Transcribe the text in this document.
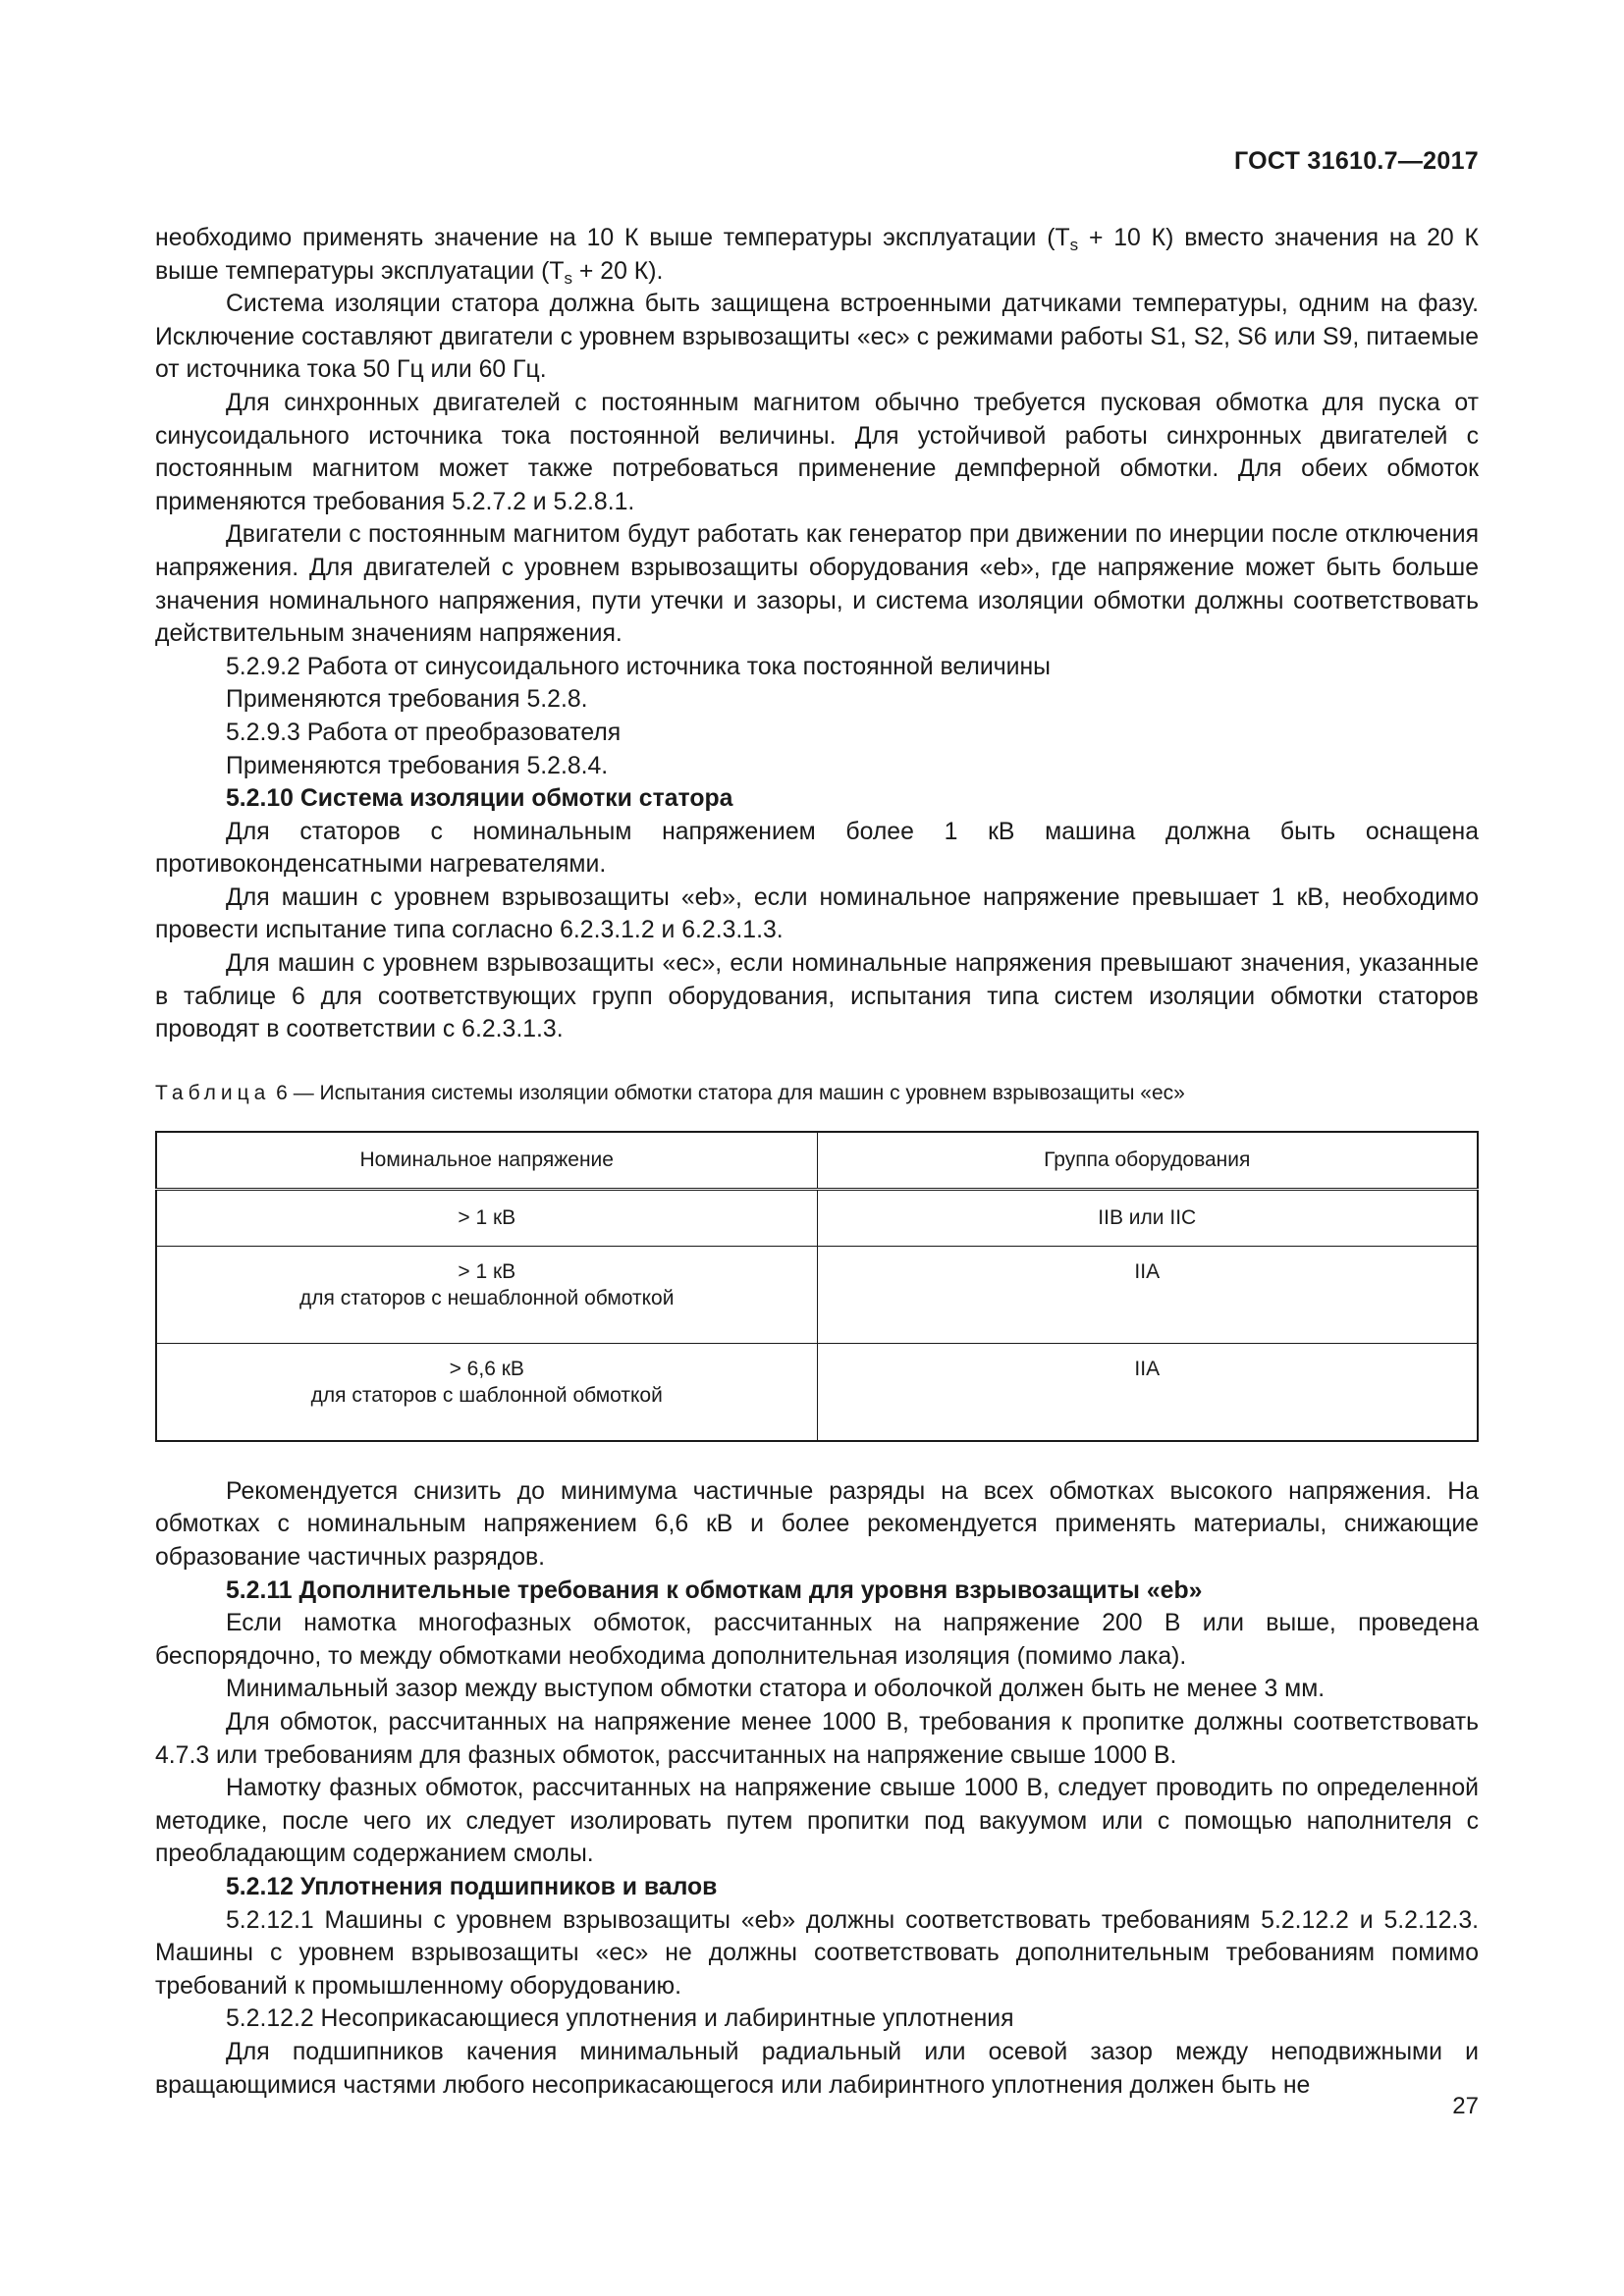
ГОСТ 31610.7—2017

необходимо применять значение на 10 К выше температуры эксплуатации ($T_s + 10$ К) вместо значения на 20 К выше температуры эксплуатации ($T_s + 20$ К).

Система изоляции статора должна быть защищена встроенными датчиками температуры, одним на фазу. Исключение составляют двигатели с уровнем взрывозащиты «ес» с режимами работы S1, S2, S6 или S9, питаемые от источника тока 50 Гц или 60 Гц.

Для синхронных двигателей с постоянным магнитом обычно требуется пусковая обмотка для пуска от синусоидального источника тока постоянной величины. Для устойчивой работы синхронных двигателей с постоянным магнитом может также потребоваться применение демпферной обмотки. Для обеих обмоток применяются требования 5.2.7.2 и 5.2.8.1.

Двигатели с постоянным магнитом будут работать как генератор при движении по инерции после отключения напряжения. Для двигателей с уровнем взрывозащиты оборудования «eb», где напряжение может быть больше значения номинального напряжения, пути утечки и зазоры, и система изоляции обмотки должны соответствовать действительным значениям напряжения.

5.2.9.2 Работа от синусоидального источника тока постоянной величины

Применяются требования 5.2.8.

5.2.9.3 Работа от преобразователя

Применяются требования 5.2.8.4.

5.2.10 Система изоляции обмотки статора

Для статоров с номинальным напряжением более 1 кВ машина должна быть оснащена противоконденсатными нагревателями.

Для машин с уровнем взрывозащиты «eb», если номинальное напряжение превышает 1 кВ, необходимо провести испытание типа согласно 6.2.3.1.2 и 6.2.3.1.3.

Для машин с уровнем взрывозащиты «ес», если номинальные напряжения превышают значения, указанные в таблице 6 для соответствующих групп оборудования, испытания типа систем изоляции обмотки статоров проводят в соответствии с 6.2.3.1.3.

Таблица 6 — Испытания системы изоляции обмотки статора для машин с уровнем взрывозащиты «ес»

Номинальное напряжение	Группа оборудования
> 1 кВ	IIB или IIC

> 1 кВ
для статоров с нешаблонной обмоткой	IIA

> 6,6 кВ
для статоров с шаблонной обмоткой	IIA

Рекомендуется снизить до минимума частичные разряды на всех обмотках высокого напряжения. На обмотках с номинальным напряжением 6,6 кВ и более рекомендуется применять материалы, снижающие образование частичных разрядов.

5.2.11 Дополнительные требования к обмоткам для уровня взрывозащиты «eb»

Если намотка многофазных обмоток, рассчитанных на напряжение 200 В или выше, проведена беспорядочно, то между обмотками необходима дополнительная изоляция (помимо лака).

Минимальный зазор между выступом обмотки статора и оболочкой должен быть не менее 3 мм.

Для обмоток, рассчитанных на напряжение менее 1000 В, требования к пропитке должны соответствовать 4.7.3 или требованиям для фазных обмоток, рассчитанных на напряжение свыше 1000 В.

Намотку фазных обмоток, рассчитанных на напряжение свыше 1000 В, следует проводить по определенной методике, после чего их следует изолировать путем пропитки под вакуумом или с помощью наполнителя с преобладающим содержанием смолы.

5.2.12 Уплотнения подшипников и валов

5.2.12.1 Машины с уровнем взрывозащиты «eb» должны соответствовать требованиям 5.2.12.2 и 5.2.12.3. Машины с уровнем взрывозащиты «ес» не должны соответствовать дополнительным требованиям помимо требований к промышленному оборудованию.

5.2.12.2 Несоприкасающиеся уплотнения и лабиринтные уплотнения

Для подшипников качения минимальный радиальный или осевой зазор между неподвижными и вращающимися частями любого несоприкасающегося или лабиринтного уплотнения должен быть не

27
